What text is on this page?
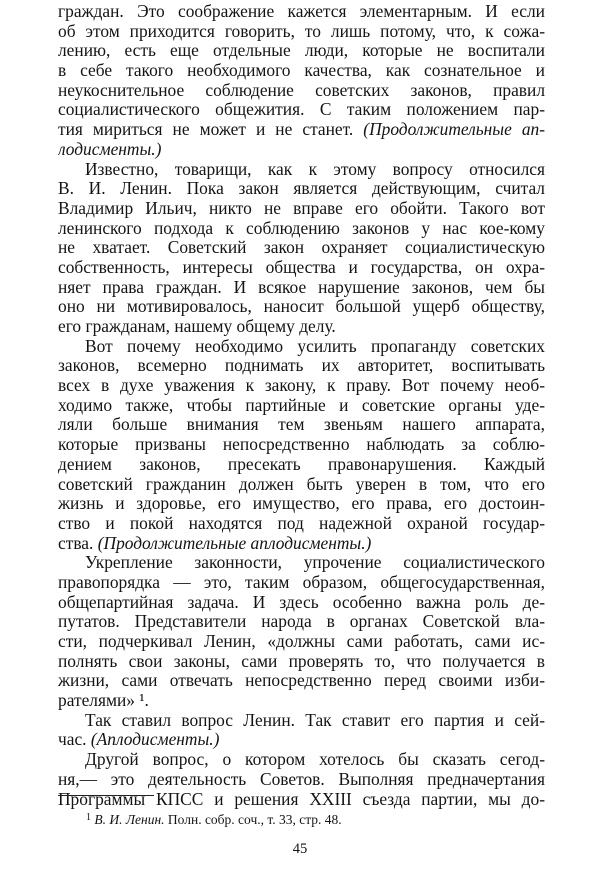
граждан. Это соображение кажется элементарным. И если
об этом приходится говорить, то лишь потому, что, к сожа-
лению, есть еще отдельные люди, которые не воспитали
в себе такого необходимого качества, как сознательное и
неукоснительное соблюдение советских законов, правил
социалистического общежития. С таким положением пар-
тия мириться не может и не станет. (Продолжительные ап-
лодисменты.)
Известно, товарищи, как к этому вопросу относился
В. И. Ленин. Пока закон является действующим, считал
Владимир Ильич, никто не вправе его обойти. Такого вот
ленинского подхода к соблюдению законов у нас кое-кому
не хватает. Советский закон охраняет социалистическую
собственность, интересы общества и государства, он охра-
няет права граждан. И всякое нарушение законов, чем бы
оно ни мотивировалось, наносит большой ущерб обществу,
его гражданам, нашему общему делу.
Вот почему необходимо усилить пропаганду советских
законов, всемерно поднимать их авторитет, воспитывать
всех в духе уважения к закону, к праву. Вот почему необ-
ходимо также, чтобы партийные и советские органы уде-
ляли больше внимания тем звеньям нашего аппарата,
которые призваны непосредственно наблюдать за соблю-
дением законов, пресекать правонарушения. Каждый
советский гражданин должен быть уверен в том, что его
жизнь и здоровье, его имущество, его права, его достоин-
ство и покой находятся под надежной охраной государ-
ства. (Продолжительные аплодисменты.)
Укрепление законности, упрочение социалистического
правопорядка — это, таким образом, общегосударственная,
общепартийная задача. И здесь особенно важна роль де-
путатов. Представители народа в органах Советской вла-
сти, подчеркивал Ленин, «должны сами работать, сами ис-
полнять свои законы, сами проверять то, что получается в
жизни, сами отвечать непосредственно перед своими изби-
рателями» ¹.
Так ставил вопрос Ленин. Так ставит его партия и сей-
час. (Аплодисменты.)
Другой вопрос, о котором хотелось бы сказать сегод-
ня,— это деятельность Советов. Выполняя предначертания
Программы КПСС и решения XXIII съезда партии, мы до-
$^1$ В. И. Ленин. Полн. собр. соч., т. 33, стр. 48.
45
